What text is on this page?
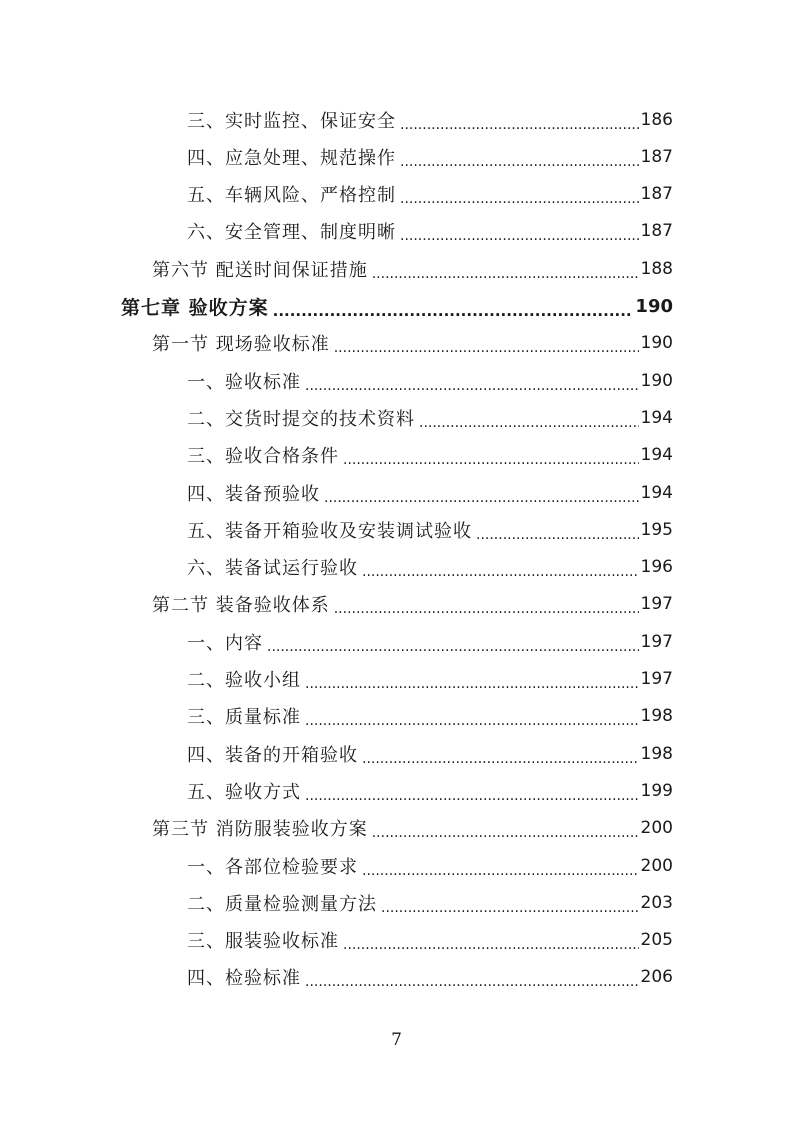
三、实时监控、保证安全 .....	186
四、应急处理、规范操作 .....	187
五、车辆风险、严格控制 .....	187
六、安全管理、制度明晰 .....	187
第六节 配送时间保证措施 .....	188
第七章 验收方案 .....	190
第一节 现场验收标准 .....	190
一、验收标准 .....	190
二、交货时提交的技术资料 .....	194
三、验收合格条件 .....	194
四、装备预验收 .....	194
五、装备开箱验收及安装调试验收 .....	195
六、装备试运行验收 .....	196
第二节 装备验收体系 .....	197
一、内容 .....	197
二、验收小组 .....	197
三、质量标准 .....	198
四、装备的开箱验收 .....	198
五、验收方式 .....	199
第三节 消防服装验收方案 .....	200
一、各部位检验要求 .....	200
二、质量检验测量方法 .....	203
三、服装验收标准 .....	205
四、检验标准 .....	206
7
